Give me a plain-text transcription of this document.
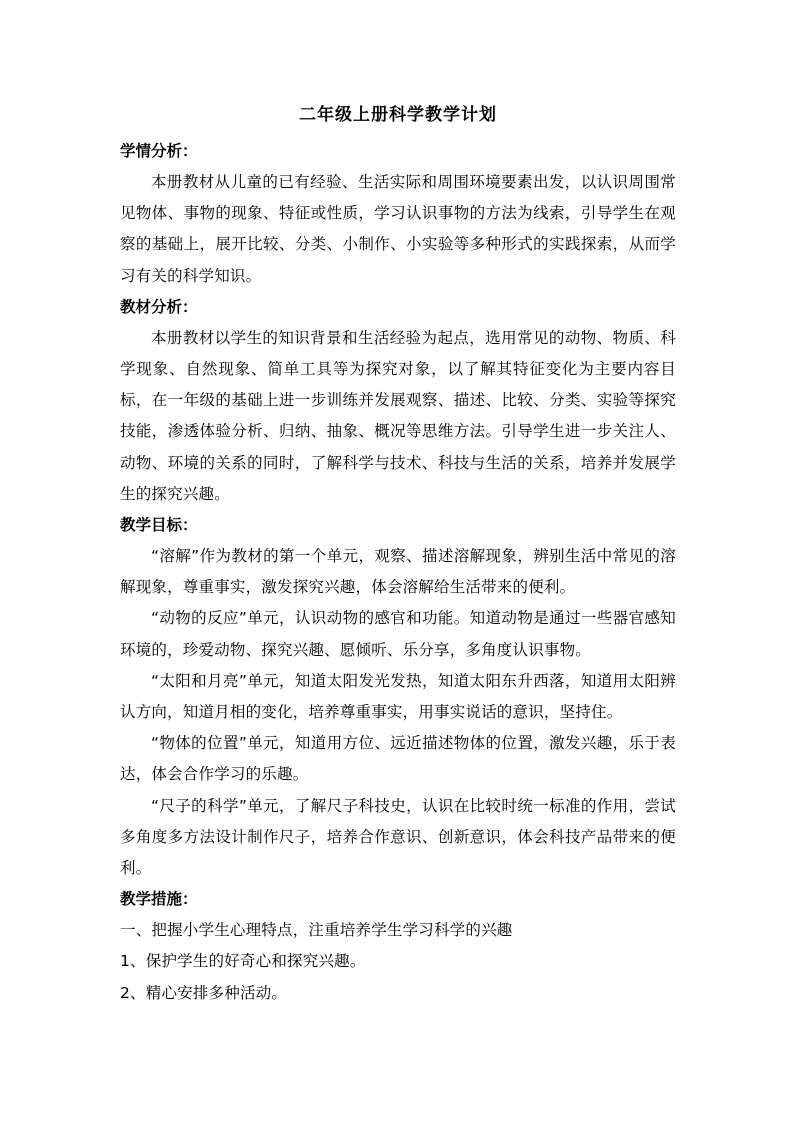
二年级上册科学教学计划

学情分析：

本册教材从儿童的已有经验、生活实际和周围环境要素出发，以认识周围常见物体、事物的现象、特征或性质，学习认识事物的方法为线索，引导学生在观察的基础上，展开比较、分类、小制作、小实验等多种形式的实践探索，从而学习有关的科学知识。

教材分析：

本册教材以学生的知识背景和生活经验为起点，选用常见的动物、物质、科学现象、自然现象、简单工具等为探究对象，以了解其特征变化为主要内容目标，在一年级的基础上进一步训练并发展观察、描述、比较、分类、实验等探究技能，渗透体验分析、归纳、抽象、概况等思维方法。引导学生进一步关注人、动物、环境的关系的同时，了解科学与技术、科技与生活的关系，培养并发展学生的探究兴趣。

教学目标：

“溶解”作为教材的第一个单元，观察、描述溶解现象，辨别生活中常见的溶解现象，尊重事实，激发探究兴趣，体会溶解给生活带来的便利。

“动物的反应”单元，认识动物的感官和功能。知道动物是通过一些器官感知环境的，珍爱动物、探究兴趣、愿倾听、乐分享，多角度认识事物。

“太阳和月亮”单元，知道太阳发光发热，知道太阳东升西落，知道用太阳辨认方向，知道月相的变化，培养尊重事实，用事实说话的意识，坚持住。

“物体的位置”单元，知道用方位、远近描述物体的位置，激发兴趣，乐于表达，体会合作学习的乐趣。

“尺子的科学”单元，了解尺子科技史，认识在比较时统一标准的作用，尝试多角度多方法设计制作尺子，培养合作意识、创新意识，体会科技产品带来的便利。

教学措施：

一、把握小学生心理特点，注重培养学生学习科学的兴趣

1、保护学生的好奇心和探究兴趣。

2、精心安排多种活动。
